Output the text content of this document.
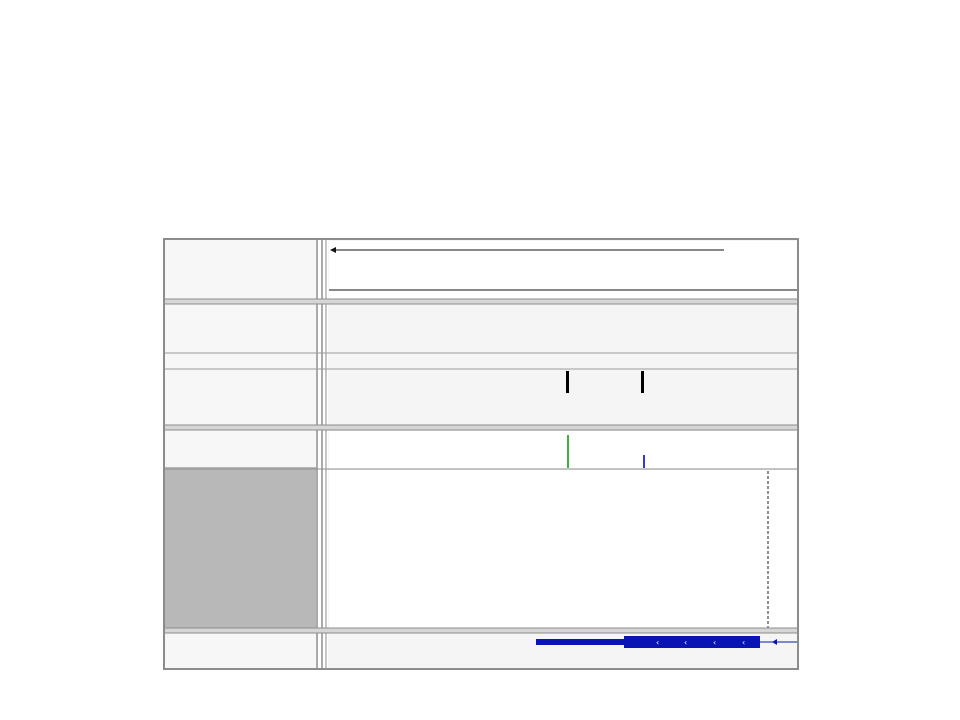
‹	‹	‹	‹
